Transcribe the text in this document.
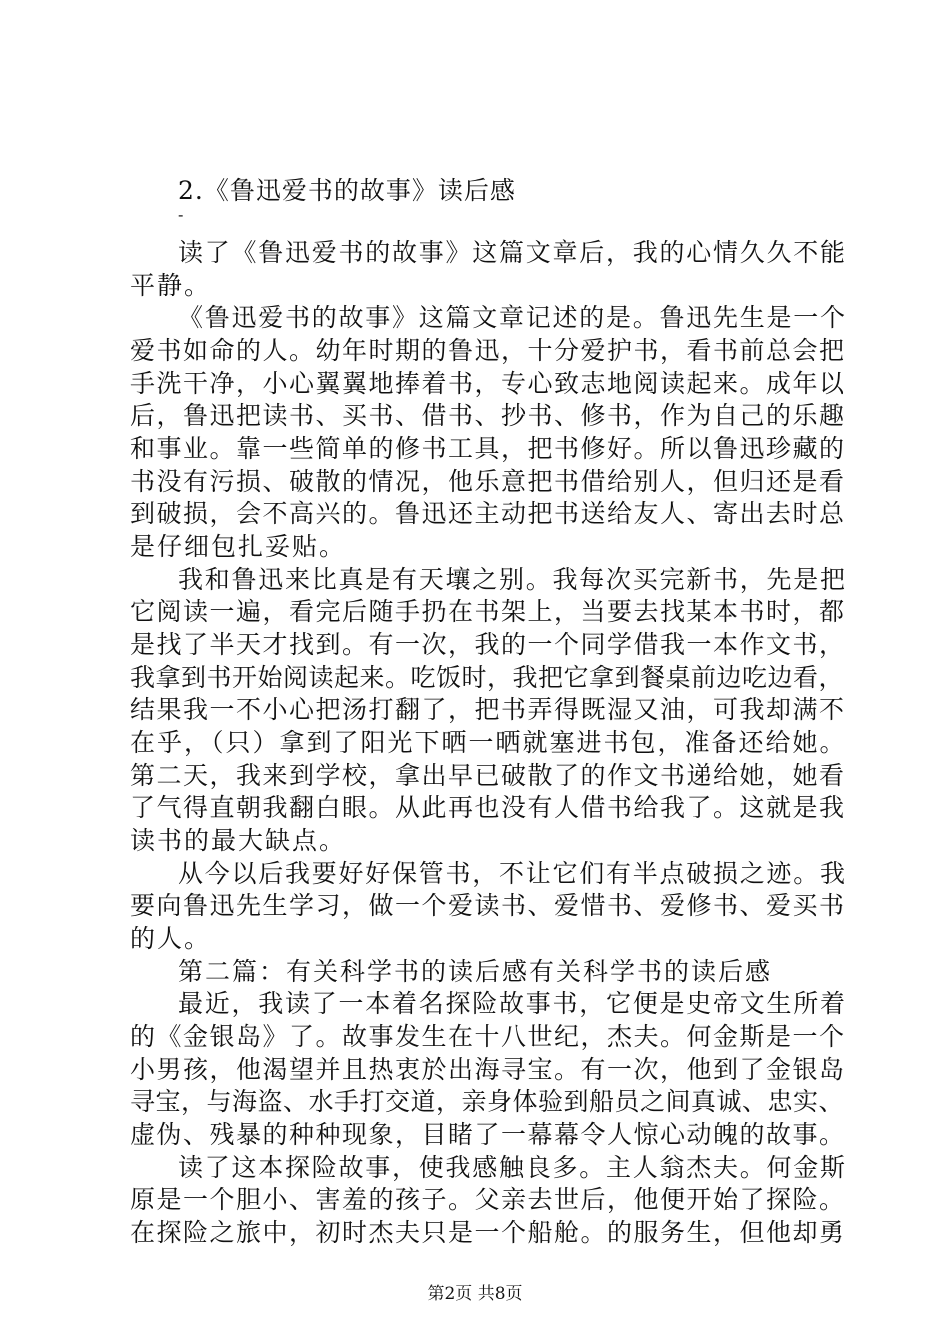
2.《鲁迅爱书的故事》读后感
-
读了《鲁迅爱书的故事》这篇文章后，我的心情久久不能
平静。
《鲁迅爱书的故事》这篇文章记述的是。鲁迅先生是一个
爱书如命的人。幼年时期的鲁迅，十分爱护书，看书前总会把
手洗干净，小心翼翼地捧着书，专心致志地阅读起来。成年以
后，鲁迅把读书、买书、借书、抄书、修书，作为自己的乐趣
和事业。靠一些简单的修书工具，把书修好。所以鲁迅珍藏的
书没有污损、破散的情况，他乐意把书借给别人，但归还是看
到破损，会不高兴的。鲁迅还主动把书送给友人、寄出去时总
是仔细包扎妥贴。
我和鲁迅来比真是有天壤之别。我每次买完新书，先是把
它阅读一遍，看完后随手扔在书架上，当要去找某本书时，都
是找了半天才找到。有一次，我的一个同学借我一本作文书，
我拿到书开始阅读起来。吃饭时，我把它拿到餐桌前边吃边看，
结果我一不小心把汤打翻了，把书弄得既湿又油，可我却满不
在乎，（只）拿到了阳光下晒一晒就塞进书包，准备还给她。
第二天，我来到学校，拿出早已破散了的作文书递给她，她看
了气得直朝我翻白眼。从此再也没有人借书给我了。这就是我
读书的最大缺点。
从今以后我要好好保管书，不让它们有半点破损之迹。我
要向鲁迅先生学习，做一个爱读书、爱惜书、爱修书、爱买书
的人。
第二篇：有关科学书的读后感有关科学书的读后感
最近，我读了一本着名探险故事书，它便是史帝文生所着
的《金银岛》了。故事发生在十八世纪，杰夫。何金斯是一个
小男孩，他渴望并且热衷於出海寻宝。有一次，他到了金银岛
寻宝，与海盗、水手打交道，亲身体验到船员之间真诚、忠实、
虚伪、残暴的种种现象，目睹了一幕幕令人惊心动魄的故事。
读了这本探险故事，使我感触良多。主人翁杰夫。何金斯
原是一个胆小、害羞的孩子。父亲去世后，他便开始了探险。
在探险之旅中，初时杰夫只是一个船舱。的服务生，但他却勇
第2页 共8页
